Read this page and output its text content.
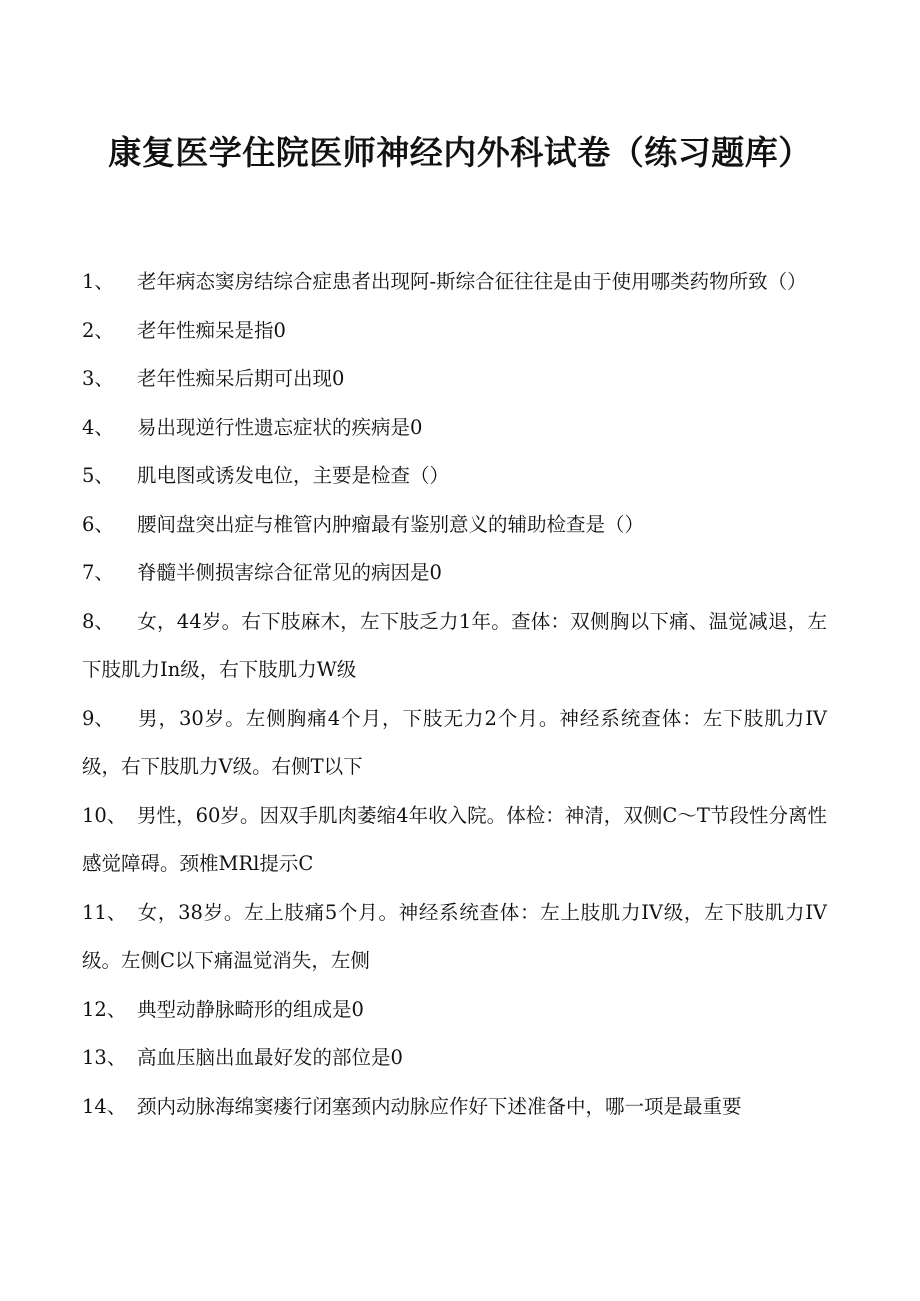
康复医学住院医师神经内外科试卷（练习题库）
1、 老年病态窦房结综合症患者出现阿-斯综合征往往是由于使用哪类药物所致（）
2、 老年性痴呆是指0
3、 老年性痴呆后期可出现0
4、 易出现逆行性遗忘症状的疾病是0
5、 肌电图或诱发电位，主要是检查（）
6、 腰间盘突出症与椎管内肿瘤最有鉴别意义的辅助检查是（）
7、 脊髓半侧损害综合征常见的病因是0
8、 女，44岁。右下肢麻木，左下肢乏力1年。查体：双侧胸以下痛、温觉减退，左下肢肌力In级，右下肢肌力W级
9、 男，30岁。左侧胸痛4个月，下肢无力2个月。神经系统查体：左下肢肌力IV级，右下肢肌力V级。右侧T以下
10、 男性，60岁。因双手肌肉萎缩4年收入院。体检：神清，双侧C～T节段性分离性感觉障碍。颈椎MRl提示C
11、 女，38岁。左上肢痛5个月。神经系统查体：左上肢肌力IV级，左下肢肌力IV级。左侧C以下痛温觉消失，左侧
12、 典型动静脉畸形的组成是0
13、 高血压脑出血最好发的部位是0
14、 颈内动脉海绵窦瘘行闭塞颈内动脉应作好下述准备中，哪一项是最重要
